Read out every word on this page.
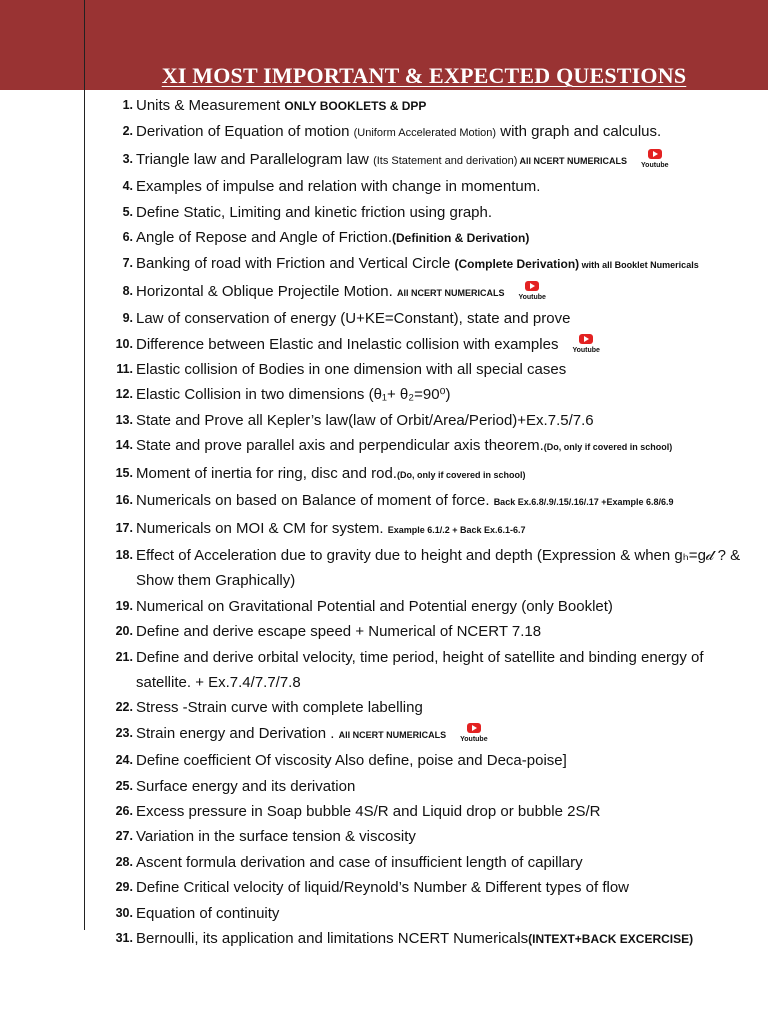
XI MOST IMPORTANT & EXPECTED QUESTIONS
1. Units & Measurement ONLY BOOKLETS & DPP
2. Derivation of Equation of motion (Uniform Accelerated Motion) with graph and calculus.
3. Triangle law and Parallelogram law (Its Statement and derivation) All NCERT NUMERICALS
Youtube
4. Examples of impulse and relation with change in momentum.
5. Define Static, Limiting and kinetic friction using graph.
6. Angle of Repose and Angle of Friction.(Definition & Derivation)
7. Banking of road with Friction and Vertical Circle (Complete Derivation) with all Booklet Numericals
8. Horizontal & Oblique Projectile Motion. All NCERT NUMERICALS
Youtube
9. Law of conservation of energy (U+KE=Constant), state and prove
10. Difference between Elastic and Inelastic collision with examples Youtube
11. Elastic collision of Bodies in one dimension with all special cases
12. Elastic Collision in two dimensions (θ₁+ θ₂=90⁰)
13. State and Prove all Kepler’s law(law of Orbit/Area/Period)+Ex.7.5/7.6
14. State and prove parallel axis and perpendicular axis theorem.(Do, only if covered in school)
15. Moment of inertia for ring, disc and rod.(Do, only if covered in school)
16. Numericals on based on Balance of moment of force. Back Ex.6.8/.9/.15/.16/.17 +Example 6.8/6.9
17. Numericals on MOI & CM for system. Example 6.1/.2 + Back Ex.6.1-6.7
18. Effect of Acceleration due to gravity due to height and depth (Expression & when gₕ=g𝒹 ? & Show them Graphically)
19. Numerical on Gravitational Potential and Potential energy (only Booklet)
20. Define and derive escape speed + Numerical of NCERT 7.18
21. Define and derive orbital velocity, time period, height of satellite and binding energy of satellite. + Ex.7.4/7.7/7.8
22. Stress -Strain curve with complete labelling
23. Strain energy and Derivation . All NCERT NUMERICALS
Youtube
24. Define coefficient Of viscosity Also define, poise and Deca-poise]
25. Surface energy and its derivation
26. Excess pressure in Soap bubble 4S/R and Liquid drop or bubble 2S/R
27. Variation in the surface tension & viscosity
28. Ascent formula derivation and case of insufficient length of capillary
29. Define Critical velocity of liquid/Reynold’s Number & Different types of flow
30. Equation of continuity
31. Bernoulli, its application and limitations NCERT Numericals(INTEXT+BACK EXCERCISE)
